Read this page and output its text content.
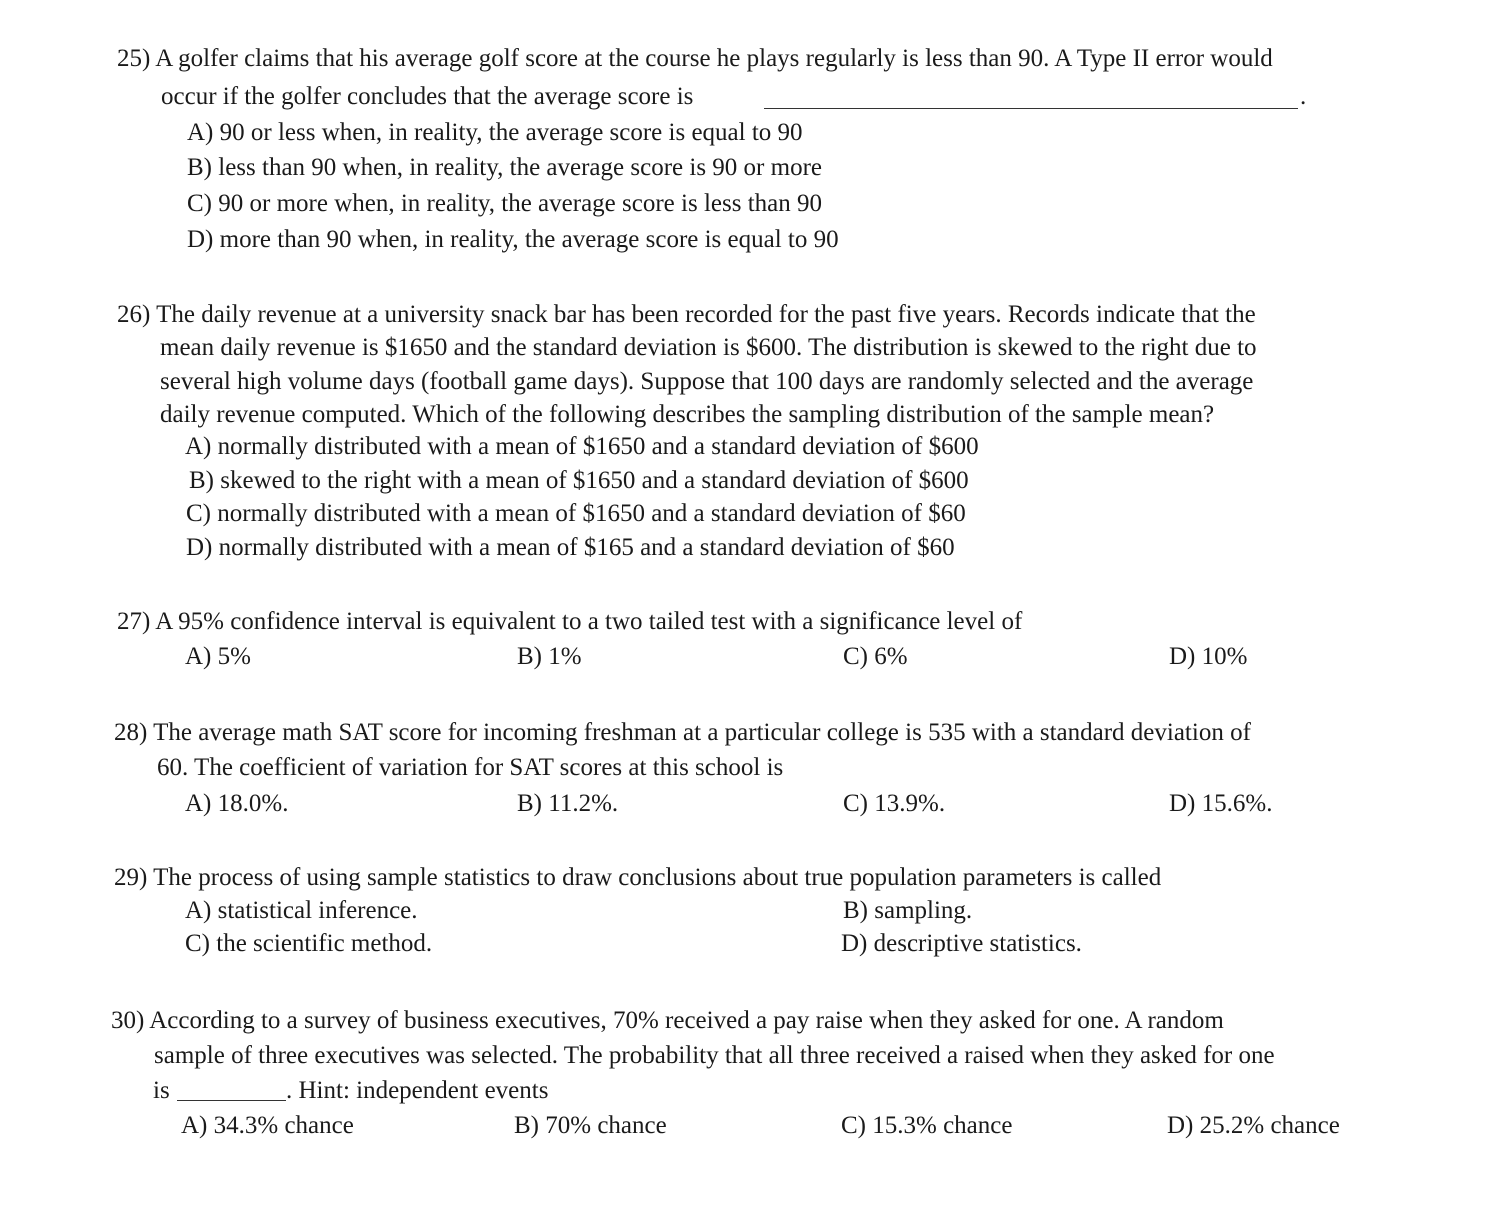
25) A golfer claims that his average golf score at the course he plays regularly is less than 90. A Type II error would
occur if the golfer concludes that the average score is	.
A) 90 or less when, in reality, the average score is equal to 90
B) less than 90 when, in reality, the average score is 90 or more
C) 90 or more when, in reality, the average score is less than 90
D) more than 90 when, in reality, the average score is equal to 90
26) The daily revenue at a university snack bar has been recorded for the past five years. Records indicate that the
mean daily revenue is $1650 and the standard deviation is $600. The distribution is skewed to the right due to
several high volume days (football game days). Suppose that 100 days are randomly selected and the average
daily revenue computed. Which of the following describes the sampling distribution of the sample mean?
A) normally distributed with a mean of $1650 and a standard deviation of $600
B) skewed to the right with a mean of $1650 and a standard deviation of $600
C) normally distributed with a mean of $1650 and a standard deviation of $60
D) normally distributed with a mean of $165 and a standard deviation of $60
27) A 95% confidence interval is equivalent to a two tailed test with a significance level of
A) 5%	B) 1%	C) 6%	D) 10%
28) The average math SAT score for incoming freshman at a particular college is 535 with a standard deviation of
60. The coefficient of variation for SAT scores at this school is
A) 18.0%.	B) 11.2%.	C) 13.9%.	D) 15.6%.
29) The process of using sample statistics to draw conclusions about true population parameters is called
A) statistical inference.	B) sampling.
C) the scientific method.	D) descriptive statistics.
30) According to a survey of business executives, 70% received a pay raise when they asked for one. A random
sample of three executives was selected. The probability that all three received a raised when they asked for one
is	. Hint: independent events
A) 34.3% chance	B) 70% chance	C) 15.3% chance	D) 25.2% chance
